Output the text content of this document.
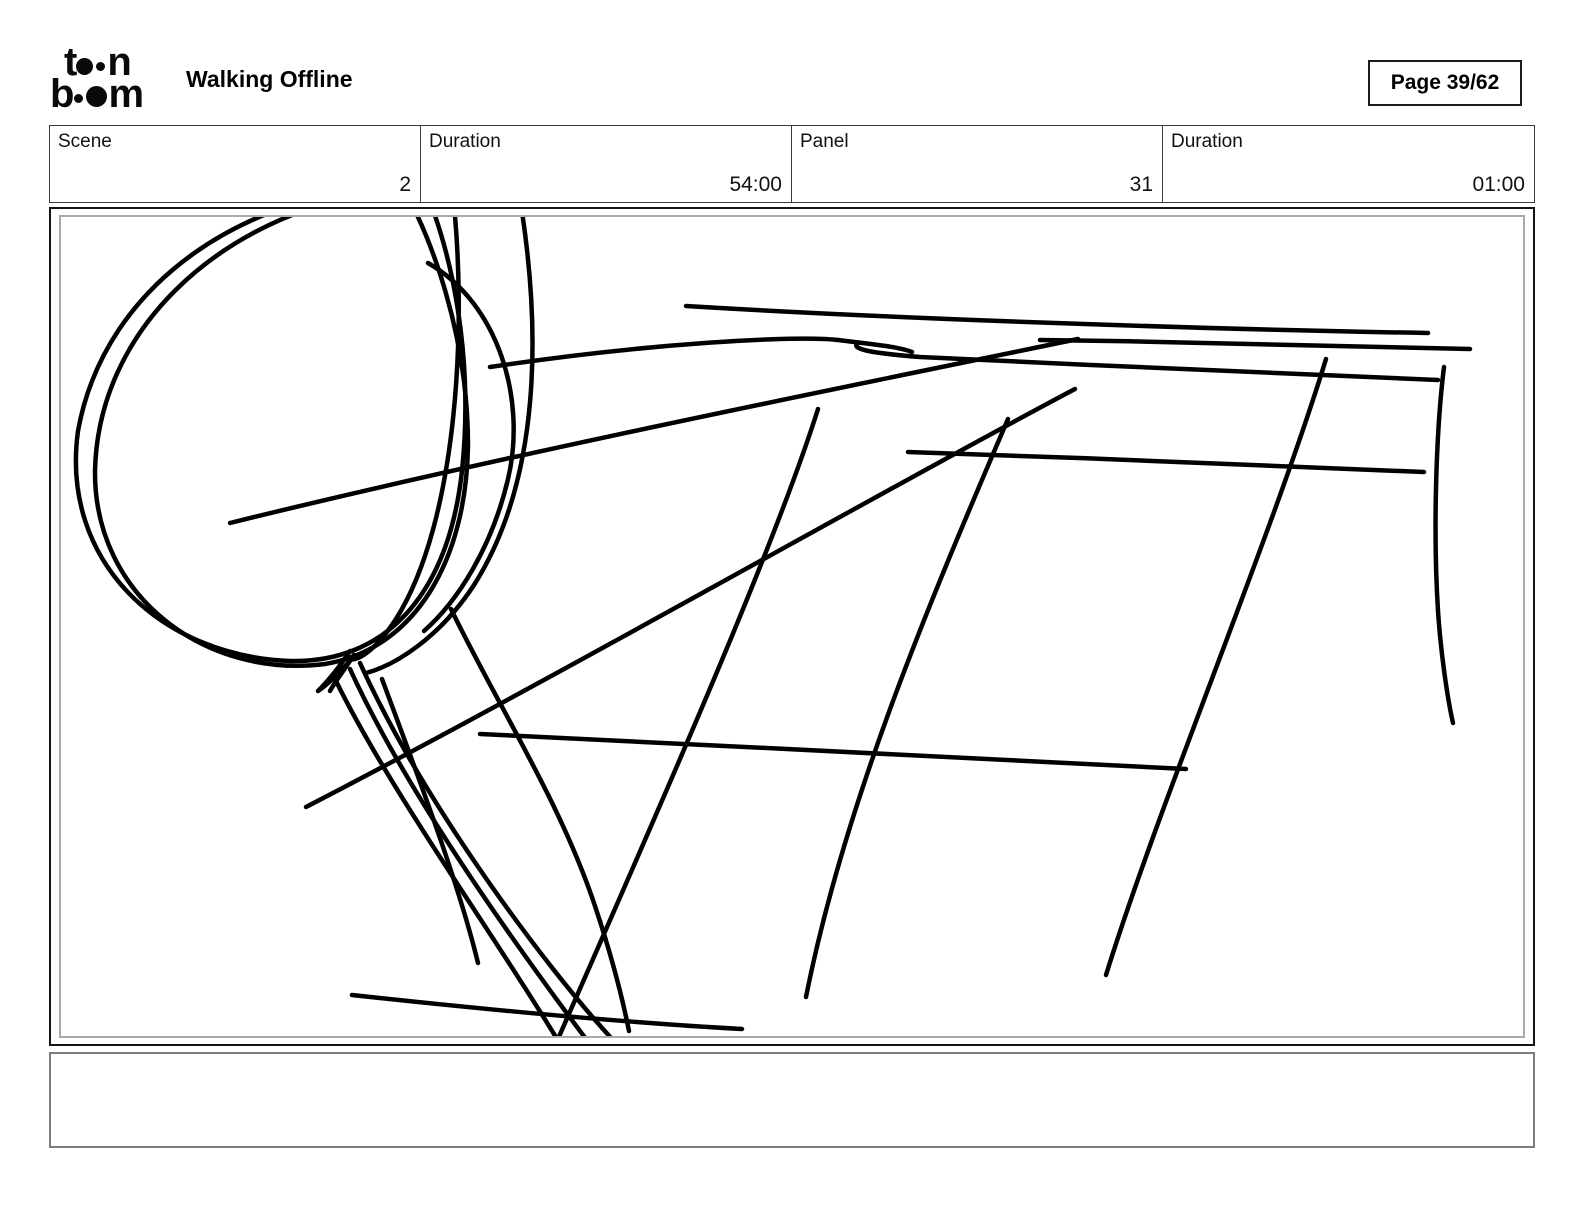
t n
b m	Walking Offline	Page 39/62
Scene
2
Duration
54:00
Panel
31
Duration
01:00
